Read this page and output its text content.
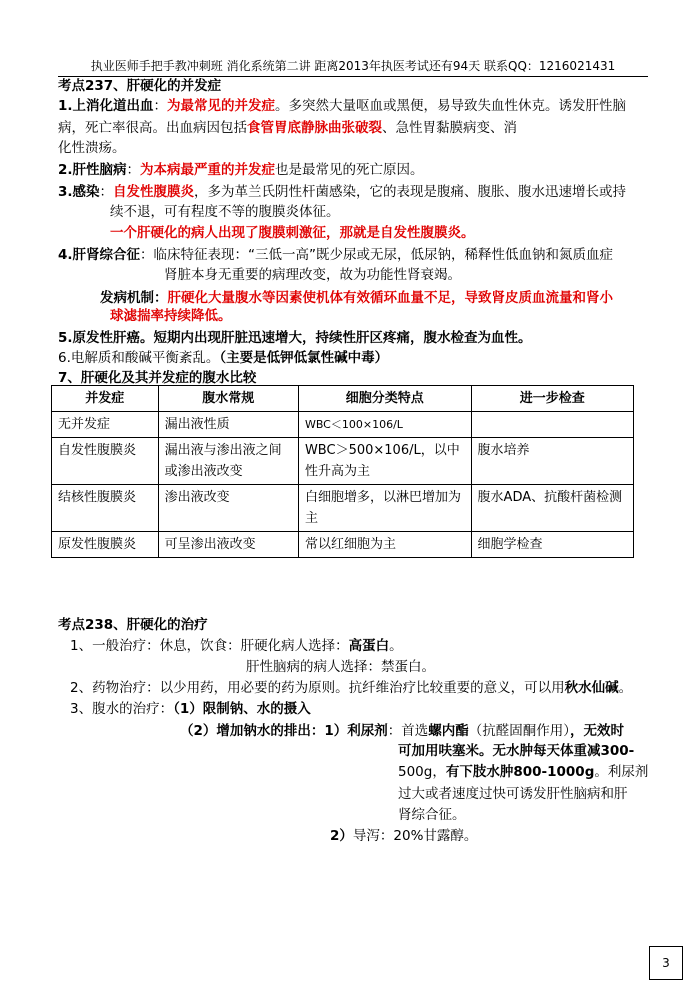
执业医师手把手教冲刺班 消化系统第二讲 距离2013年执医考试还有94天 联系QQ：1216021431
考点237、肝硬化的并发症
1.上消化道出血：为最常见的并发症。多突然大量呕血或黑便，易导致失血性休克。诱发肝性脑
病，死亡率很高。出血病因包括食管胃底静脉曲张破裂、急性胃黏膜病变、消
化性溃疡。
2.肝性脑病：为本病最严重的并发症也是最常见的死亡原因。
3.感染：自发性腹膜炎，多为革兰氏阴性杆菌感染，它的表现是腹痛、腹胀、腹水迅速增长或持
续不退，可有程度不等的腹膜炎体征。
一个肝硬化的病人出现了腹膜刺激征，那就是自发性腹膜炎。
4.肝肾综合征：临床特征表现：“三低一高”既少尿或无尿，低尿钠，稀释性低血钠和氮质血症
肾脏本身无重要的病理改变，故为功能性肾衰竭。
发病机制：肝硬化大量腹水等因素使机体有效循环血量不足，导致肾皮质血流量和肾小
球滤揣率持续降低。
5.原发性肝癌。短期内出现肝脏迅速增大，持续性肝区疼痛，腹水检查为血性。
6.电解质和酸碱平衡紊乱。（主要是低钾低氯性碱中毒）
7、肝硬化及其并发症的腹水比较
并发症	腹水常规	细胞分类特点	进一步检查
无并发症	漏出液性质	WBC＜100×106/L	
自发性腹膜炎	漏出液与渗出液之间或渗出液改变	WBC＞500×106/L，以中性升高为主	腹水培养
结核性腹膜炎	渗出液改变	白细胞增多，以淋巴增加为主	腹水ADA、抗酸杆菌检测
原发性腹膜炎	可呈渗出液改变	常以红细胞为主	细胞学检查
考点238、肝硬化的治疗
1、一般治疗：休息，饮食：肝硬化病人选择：高蛋白。
肝性脑病的病人选择：禁蛋白。
2、药物治疗：以少用药，用必要的药为原则。抗纤维治疗比较重要的意义，可以用秋水仙碱。
3、腹水的治疗：（1）限制钠、水的摄入
（2）增加钠水的排出：1）利尿剂：首选螺内酯（抗醛固酮作用），无效时
可加用呋塞米。无水肿每天体重减300-
500g，有下肢水肿800-1000g。利尿剂
过大或者速度过快可诱发肝性脑病和肝
肾综合征。
2）导泻：20%甘露醇。
3
